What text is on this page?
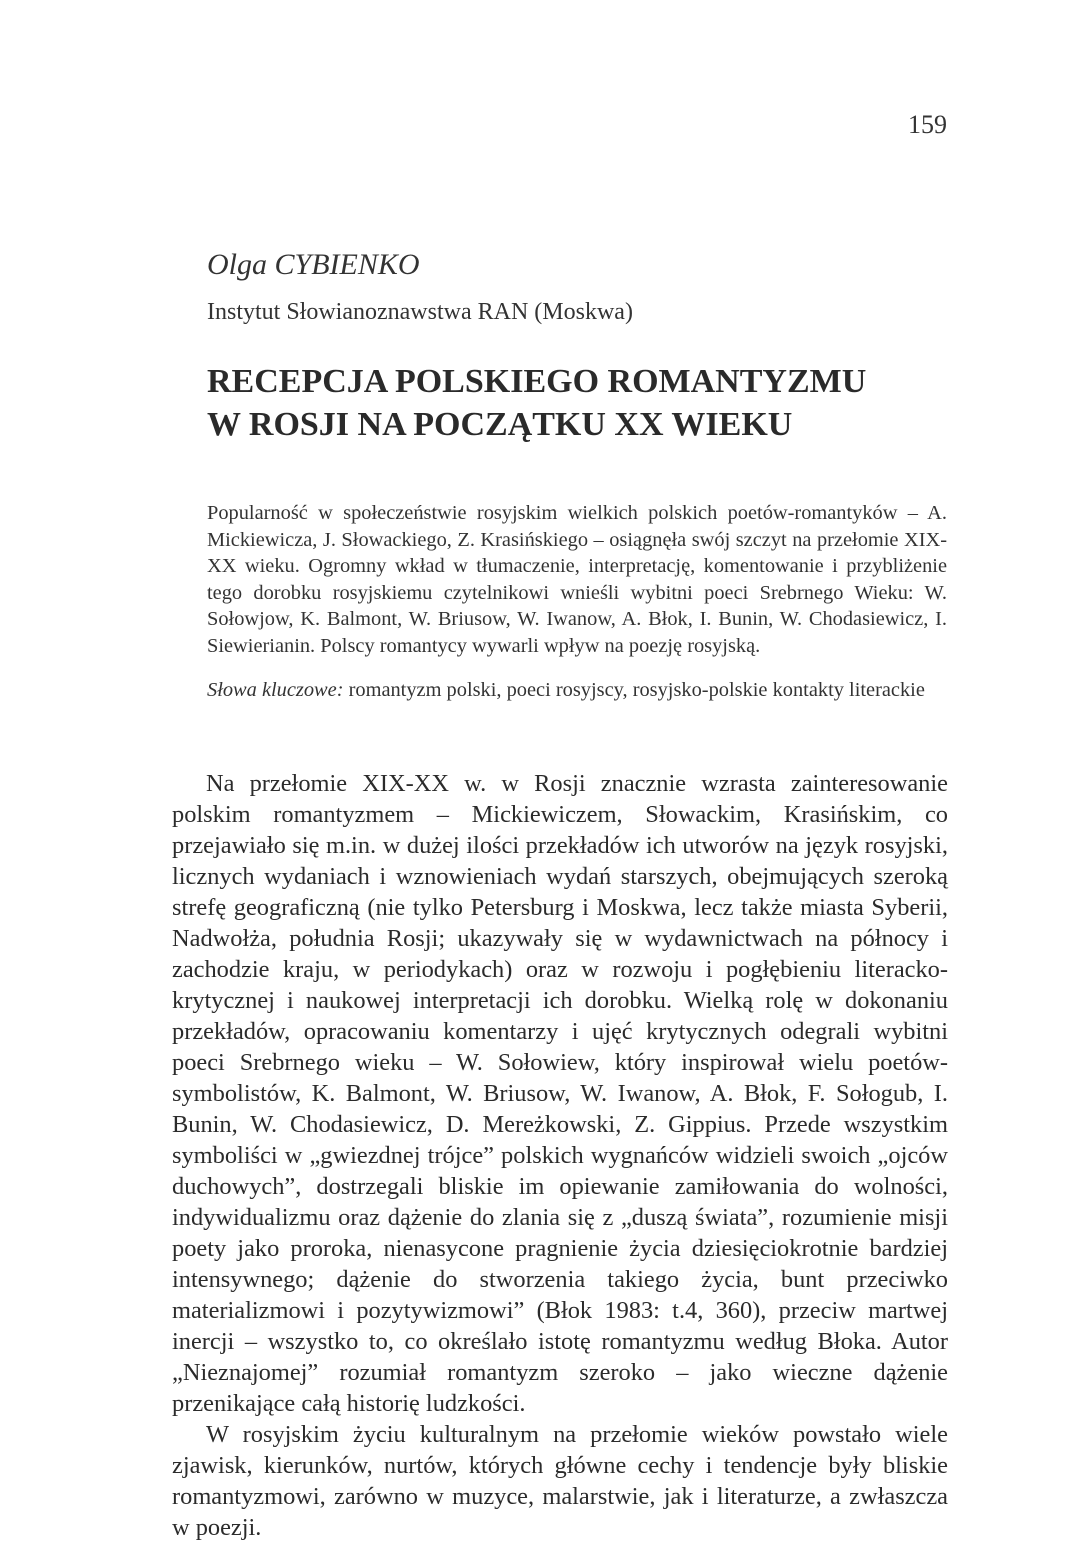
159
Olga CYBIENKO
Instytut Słowianoznawstwa RAN (Moskwa)
RECEPCJA POLSKIEGO ROMANTYZMU
W ROSJI NA POCZĄTKU XX WIEKU

Popularność w społeczeństwie rosyjskim wielkich polskich poetów-romantyków – A. Mickiewicza, J. Słowackiego, Z. Krasińskiego – osiągnęła swój szczyt na przełomie XIX-XX wieku. Ogromny wkład w tłumaczenie, interpretację, komentowanie i przybliżenie tego dorobku rosyjskiemu czytelnikowi wnieśli wybitni poeci Srebrnego Wieku: W. Sołowjow, K. Balmont, W. Briusow, W. Iwanow, A. Błok, I. Bunin, W. Chodasiewicz, I. Siewierianin. Polscy romantycy wywarli wpływ na poezję rosyjską.

Słowa kluczowe: romantyzm polski, poeci rosyjscy, rosyjsko-polskie kontakty literackie

Na przełomie XIX-XX w. w Rosji znacznie wzrasta zainteresowanie polskim romantyzmem – Mickiewiczem, Słowackim, Krasińskim, co przejawiało się m.in. w dużej ilości przekładów ich utworów na język rosyjski, licznych wydaniach i wznowieniach wydań starszych, obejmujących szeroką strefę geograficzną (nie tylko Petersburg i Moskwa, lecz także miasta Syberii, Nadwołża, południa Rosji; ukazywały się w wydawnictwach na północy i zachodzie kraju, w periodykach) oraz w rozwoju i pogłębieniu literacko-krytycznej i naukowej interpretacji ich dorobku. Wielką rolę w dokonaniu przekładów, opracowaniu komentarzy i ujęć krytycznych odegrali wybitni poeci Srebrnego wieku – W. Sołowiew, który inspirował wielu poetów-symbolistów, K. Balmont, W. Briusow, W. Iwanow, A. Błok, F. Sołogub, I. Bunin, W. Chodasiewicz, D. Mereżkowski, Z. Gippius. Przede wszystkim symboliści w „gwiezdnej trójce” polskich wygnańców widzieli swoich „ojców duchowych”, dostrzegali bliskie im opiewanie zamiłowania do wolności, indywidualizmu oraz dążenie do zlania się z „duszą świata”, rozumienie misji poety jako proroka, nienasycone pragnienie życia dziesięciokrotnie bardziej intensywnego; dążenie do stworzenia takiego życia, bunt przeciwko materializmowi i pozytywizmowi” (Błok 1983: t.4, 360), przeciw martwej inercji – wszystko to, co określało istotę romantyzmu według Błoka. Autor „Nieznajomej” rozumiał romantyzm szeroko – jako wieczne dążenie przenikające całą historię ludzkości.

W rosyjskim życiu kulturalnym na przełomie wieków powstało wiele zjawisk, kierunków, nurtów, których główne cechy i tendencje były bliskie romantyzmowi, zarówno w muzyce, malarstwie, jak i literaturze, a zwłaszcza w poezji.
